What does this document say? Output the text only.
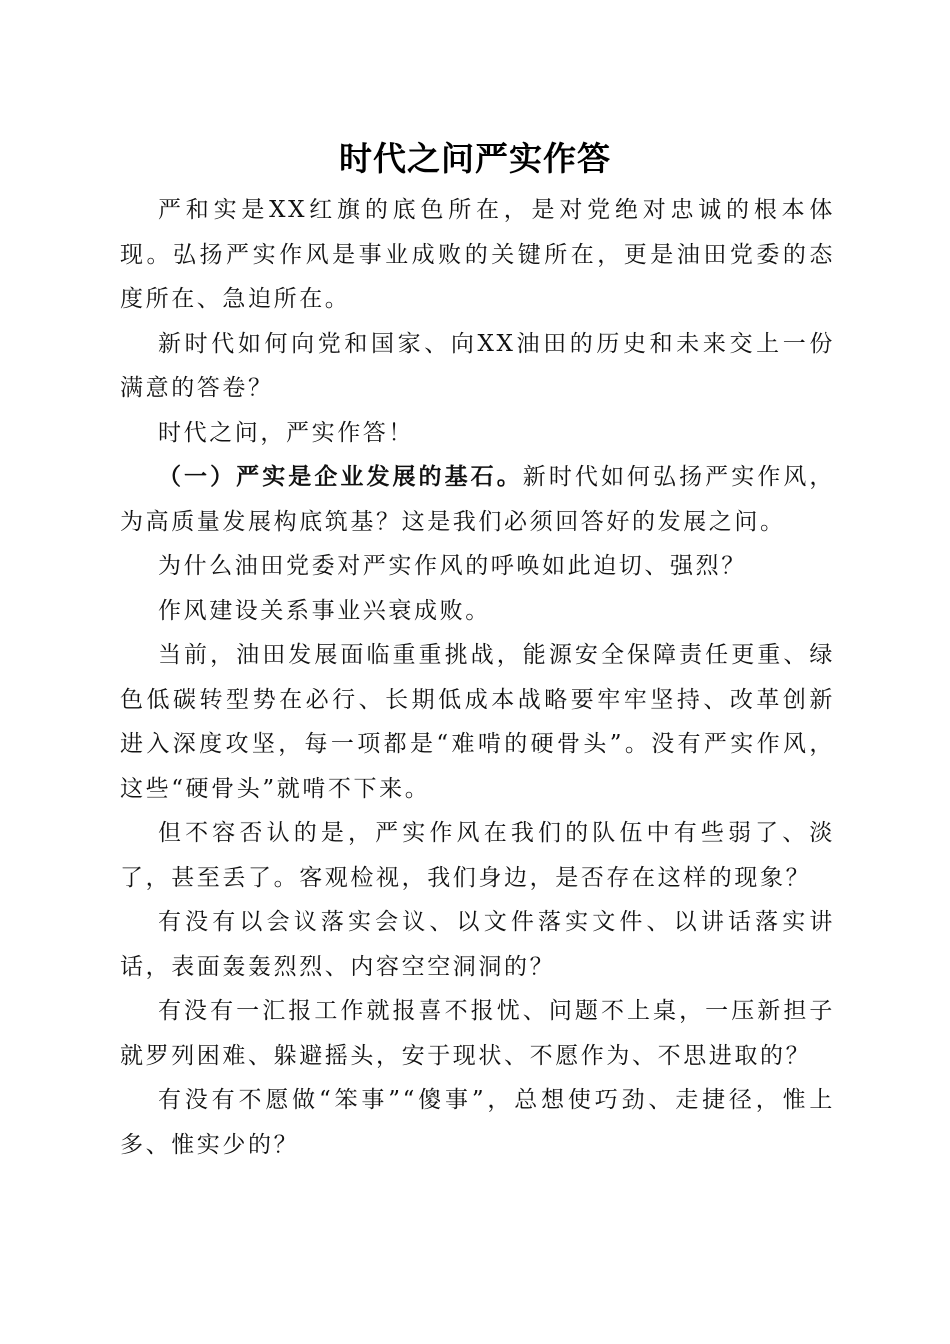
时代之问严实作答

严和实是XX红旗的底色所在，是对党绝对忠诚的根本体现。弘扬严实作风是事业成败的关键所在，更是油田党委的态度所在、急迫所在。

新时代如何向党和国家、向XX油田的历史和未来交上一份满意的答卷？

时代之问，严实作答！

（一）严实是企业发展的基石。新时代如何弘扬严实作风，为高质量发展构底筑基？这是我们必须回答好的发展之问。

为什么油田党委对严实作风的呼唤如此迫切、强烈？

作风建设关系事业兴衰成败。

当前，油田发展面临重重挑战，能源安全保障责任更重、绿色低碳转型势在必行、长期低成本战略要牢牢坚持、改革创新进入深度攻坚，每一项都是“难啃的硬骨头”。没有严实作风，这些“硬骨头”就啃不下来。

但不容否认的是，严实作风在我们的队伍中有些弱了、淡了，甚至丢了。客观检视，我们身边，是否存在这样的现象？

有没有以会议落实会议、以文件落实文件、以讲话落实讲话，表面轰轰烈烈、内容空空洞洞的？

有没有一汇报工作就报喜不报忧、问题不上桌，一压新担子就罗列困难、躲避摇头，安于现状、不愿作为、不思进取的？

有没有不愿做“笨事”“傻事”，总想使巧劲、走捷径，惟上多、惟实少的？
